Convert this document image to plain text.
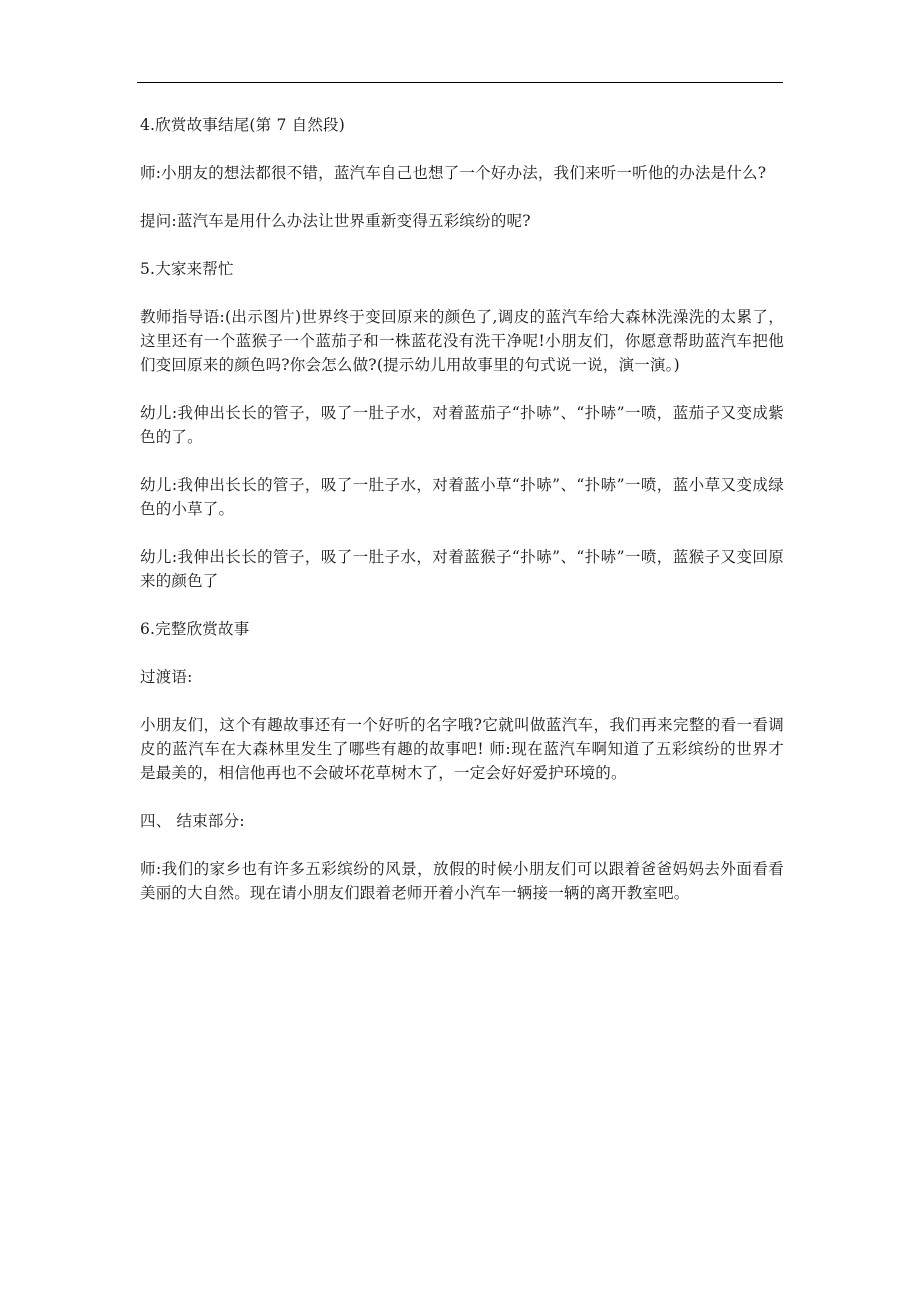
4.欣赏故事结尾(第 7 自然段)

师:小朋友的想法都很不错，蓝汽车自己也想了一个好办法，我们来听一听他的办法是什么?

提问:蓝汽车是用什么办法让世界重新变得五彩缤纷的呢?

5.大家来帮忙

教师指导语:(出示图片)世界终于变回原来的颜色了,调皮的蓝汽车给大森林洗澡洗的太累了，这里还有一个蓝猴子一个蓝茄子和一株蓝花没有洗干净呢!小朋友们，你愿意帮助蓝汽车把他们变回原来的颜色吗?你会怎么做?(提示幼儿用故事里的句式说一说，演一演。)

幼儿:我伸出长长的管子，吸了一肚子水，对着蓝茄子“扑哧”、“扑哧”一喷，蓝茄子又变成紫色的了。

幼儿:我伸出长长的管子，吸了一肚子水，对着蓝小草“扑哧”、“扑哧”一喷，蓝小草又变成绿色的小草了。

幼儿:我伸出长长的管子，吸了一肚子水，对着蓝猴子“扑哧”、“扑哧”一喷，蓝猴子又变回原来的颜色了

6.完整欣赏故事

过渡语:

小朋友们，这个有趣故事还有一个好听的名字哦?它就叫做蓝汽车，我们再来完整的看一看调皮的蓝汽车在大森林里发生了哪些有趣的故事吧! 师:现在蓝汽车啊知道了五彩缤纷的世界才是最美的，相信他再也不会破坏花草树木了，一定会好好爱护环境的。

四、 结束部分:

师:我们的家乡也有许多五彩缤纷的风景，放假的时候小朋友们可以跟着爸爸妈妈去外面看看美丽的大自然。现在请小朋友们跟着老师开着小汽车一辆接一辆的离开教室吧。
